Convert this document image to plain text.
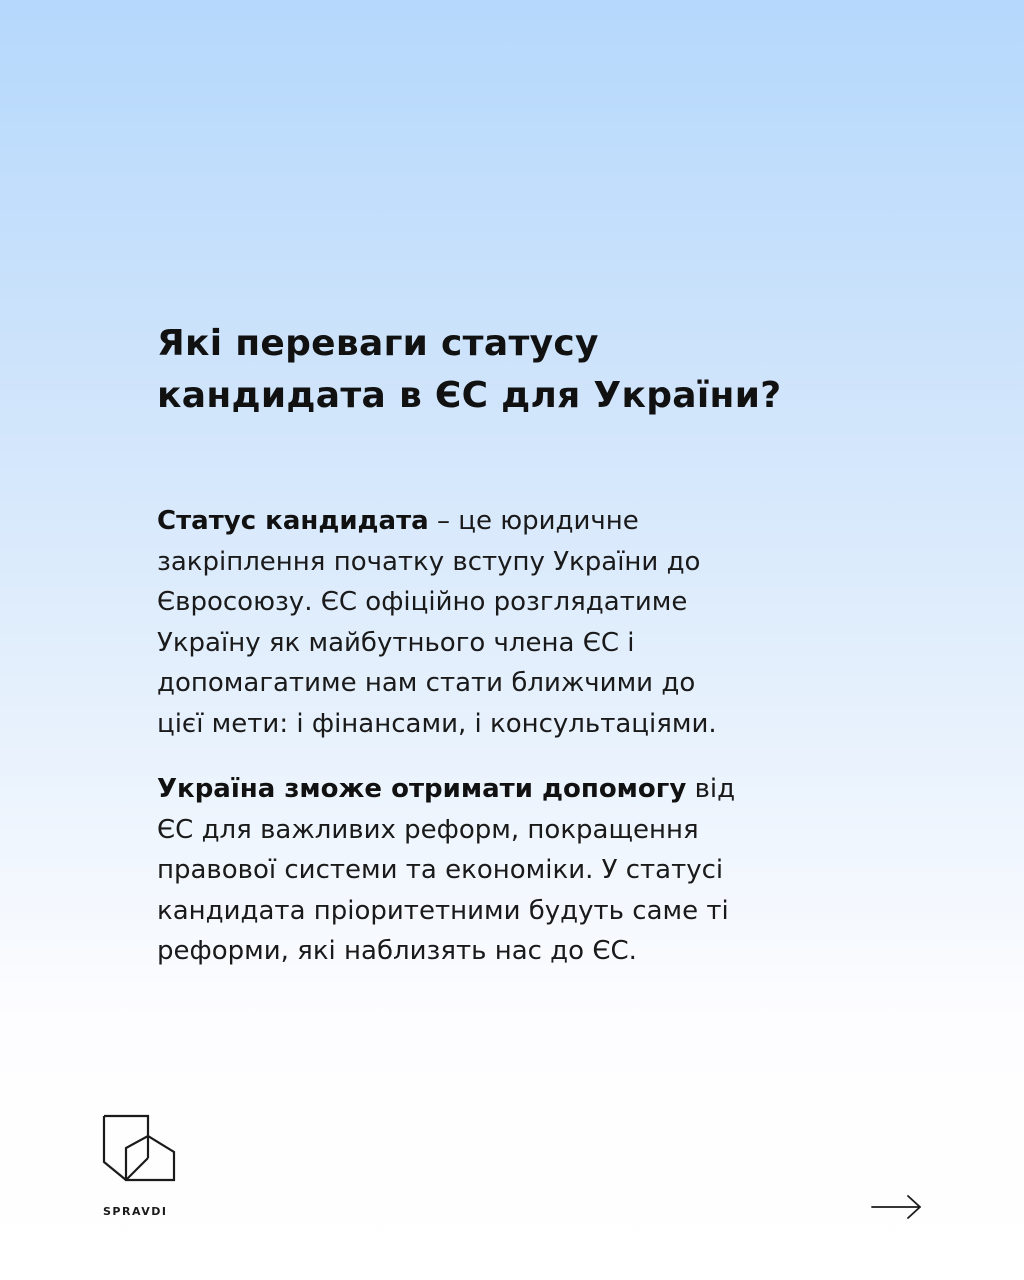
Які переваги статусу
кандидата в ЄС для України?

Статус кандидата – це юридичне
закріплення початку вступу України до
Євросоюзу. ЄС офіційно розглядатиме
Україну як майбутнього члена ЄС і
допомагатиме нам стати ближчими до
цієї мети: і фінансами, і консультаціями.

Україна зможе отримати допомогу від
ЄС для важливих реформ, покращення
правової системи та економіки. У статусі
кандидата пріоритетними будуть саме ті
реформи, які наблизять нас до ЄС.

SPRAVDI
